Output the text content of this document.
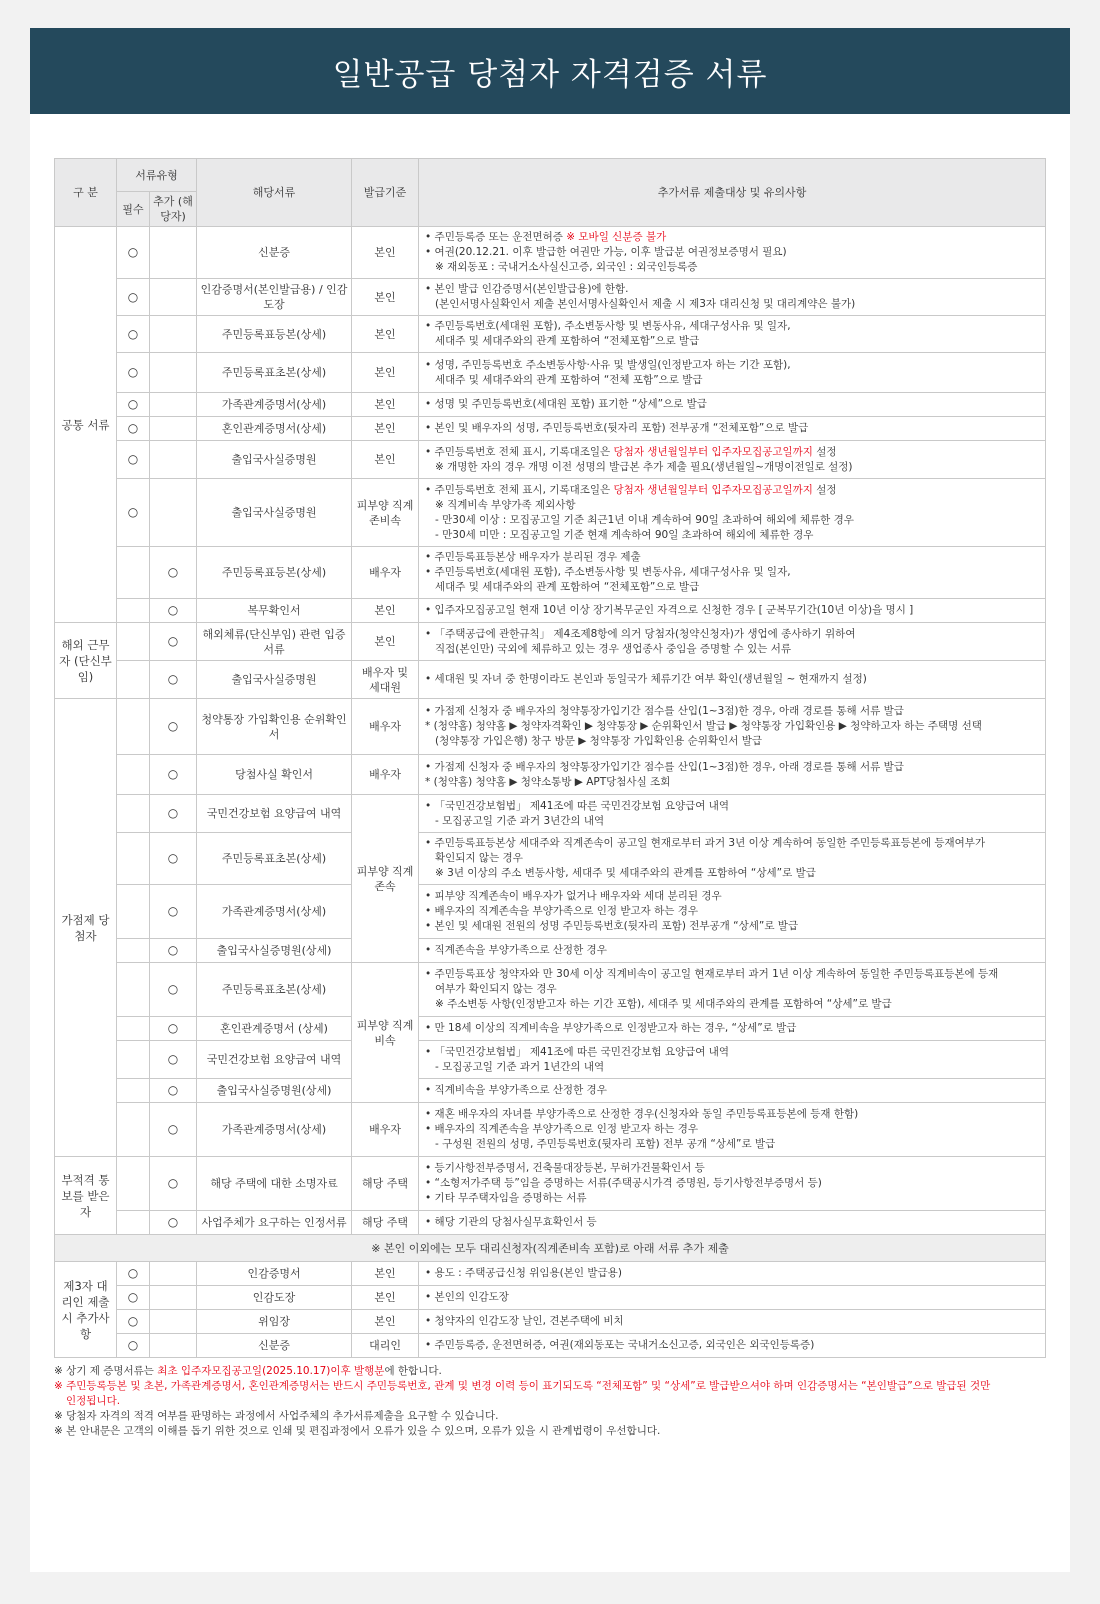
일반공급 당첨자 자격검증 서류
구 분	서류유형		해당서류	발급기준	추가서류 제출대상 및 유의사항
	필수	추가 (해당자)			
공통 서류	○		신분증	본인	• 주민등록증 또는 운전면허증 ※ 모바일 신분증 불가
• 여권(20.12.21. 이후 발급한 여권만 가능, 이후 발급분 여권정보증명서 필요)
※ 재외동포 : 국내거소사실신고증, 외국인 : 외국인등록증

	○		인감증명서(본인발급용) / 인감도장	본인	• 본인 발급 인감증명서(본인발급용)에 한함.
(본인서명사실확인서 제출 본인서명사실확인서 제출 시 제3자 대리신청 및 대리계약은 불가)

	○		주민등록표등본(상세)	본인	• 주민등록번호(세대원 포함), 주소변동사항 및 변동사유, 세대구성사유 및 일자,
세대주 및 세대주와의 관계 포함하여 “전체포함”으로 발급

	○		주민등록표초본(상세)	본인	• 성명, 주민등록번호 주소변동사항·사유 및 발생일(인정받고자 하는 기간 포함),
세대주 및 세대주와의 관계 포함하여 “전체 포함”으로 발급

	○		가족관계증명서(상세)	본인	• 성명 및 주민등록번호(세대원 포함) 표기한 “상세”으로 발급

	○		혼인관계증명서(상세)	본인	• 본인 및 배우자의 성명, 주민등록번호(뒷자리 포함) 전부공개 “전체포함”으로 발급

	○		출입국사실증명원	본인	• 주민등록번호 전체 표시, 기록대조일은 당첨자 생년월일부터 입주자모집공고일까지 설정
※ 개명한 자의 경우 개명 이전 성명의 발급본 추가 제출 필요(생년월일~개명이전일로 설정)

	○		출입국사실증명원	피부양 직계존비속	• 주민등록번호 전체 표시, 기록대조일은 당첨자 생년월일부터 입주자모집공고일까지 설정
※ 직계비속 부양가족 제외사항
- 만30세 이상 : 모집공고일 기준 최근1년 이내 계속하여 90일 초과하여 해외에 체류한 경우
- 만30세 미만 : 모집공고일 기준 현재 계속하여 90일 초과하여 해외에 체류한 경우

		○	주민등록표등본(상세)	배우자	• 주민등록표등본상 배우자가 분리된 경우 제출
• 주민등록번호(세대원 포함), 주소변동사항 및 변동사유, 세대구성사유 및 일자,
세대주 및 세대주와의 관계 포함하여 “전체포함”으로 발급

		○	복무확인서	본인	• 입주자모집공고일 현재 10년 이상 장기복무군인 자격으로 신청한 경우 [ 군복무기간(10년 이상)을 명시 ]

해외 근무자 (단신부임)		○	해외체류(단신부임) 관련 입증서류	본인	• 「주택공급에 관한규칙」 제4조제8항에 의거 당첨자(청약신청자)가 생업에 종사하기 위하여
직접(본인만) 국외에 체류하고 있는 경우 생업종사 중임을 증명할 수 있는 서류

		○	출입국사실증명원	배우자 및 세대원	• 세대원 및 자녀 중 한명이라도 본인과 동일국가 체류기간 여부 확인(생년월일 ~ 현재까지 설정)

가점제 당첨자		○	청약통장 가입확인용 순위확인서	배우자	• 가점제 신청자 중 배우자의 청약통장가입기간 점수를 산입(1~3점)한 경우, 아래 경로를 통해 서류 발급
* (청약홈) 청약홈 ▶ 청약자격확인 ▶ 청약통장 ▶ 순위확인서 발급 ▶ 청약통장 가입확인용 ▶ 청약하고자 하는 주택명 선택
(청약통장 가입은행) 창구 방문 ▶ 청약통장 가입확인용 순위확인서 발급

		○	당첨사실 확인서	배우자	• 가점제 신청자 중 배우자의 청약통장가입기간 점수를 산입(1~3점)한 경우, 아래 경로를 통해 서류 발급
* (청약홈) 청약홈 ▶ 청약소통방 ▶ APT당첨사실 조회

		○	국민건강보험 요양급여 내역	피부양 직계존속	• 「국민건강보험법」 제41조에 따른 국민건강보험 요양급여 내역
- 모집공고일 기준 과거 3년간의 내역

		○	주민등록표초본(상세)		• 주민등록표등본상 세대주와 직계존속이 공고일 현재로부터 과거 3년 이상 계속하여 동일한 주민등록표등본에 등재여부가
확인되지 않는 경우
※ 3년 이상의 주소 변동사항, 세대주 및 세대주와의 관계를 포함하여 “상세”로 발급

		○	가족관계증명서(상세)		• 피부양 직계존속이 배우자가 없거나 배우자와 세대 분리된 경우
• 배우자의 직계존속을 부양가족으로 인정 받고자 하는 경우
• 본인 및 세대원 전원의 성명 주민등록번호(뒷자리 포함) 전부공개 “상세”로 발급

		○	출입국사실증명원(상세)		• 직계존속을 부양가족으로 산정한 경우

		○	주민등록표초본(상세)	피부양 직계비속	• 주민등록표상 청약자와 만 30세 이상 직계비속이 공고일 현재로부터 과거 1년 이상 계속하여 동일한 주민등록표등본에 등재
여부가 확인되지 않는 경우
※ 주소변동 사항(인정받고자 하는 기간 포함), 세대주 및 세대주와의 관계를 포함하여 “상세”로 발급

		○	혼인관계증명서 (상세)		• 만 18세 이상의 직계비속을 부양가족으로 인정받고자 하는 경우, “상세”로 발급

		○	국민건강보험 요양급여 내역		• 「국민건강보험법」 제41조에 따른 국민건강보험 요양급여 내역
- 모집공고일 기준 과거 1년간의 내역

		○	출입국사실증명원(상세)		• 직계비속을 부양가족으로 산정한 경우

		○	가족관계증명서(상세)	배우자	• 재혼 배우자의 자녀를 부양가족으로 산정한 경우(신청자와 동일 주민등록표등본에 등재 한함)
• 배우자의 직계존속을 부양가족으로 인정 받고자 하는 경우
- 구성원 전원의 성명, 주민등록번호(뒷자리 포함) 전부 공개 “상세”로 발급

부적격 통보를 받은 자		○	해당 주택에 대한 소명자료	해당 주택	• 등기사항전부증명서, 건축물대장등본, 무허가건물확인서 등
• “소형저가주택 등”임을 증명하는 서류(주택공시가격 증명원, 등기사항전부증명서 등)
• 기타 무주택자임을 증명하는 서류

		○	사업주체가 요구하는 인정서류	해당 주택	• 해당 기관의 당첨사실무효확인서 등

※ 본인 이외에는 모두 대리신청자(직계존비속 포함)로 아래 서류 추가 제출					
제3자 대리인 제출시 추가사항	○		인감증명서	본인	• 용도 : 주택공급신청 위임용(본인 발급용)
	○		인감도장	본인	• 본인의 인감도장
	○		위임장	본인	• 청약자의 인감도장 날인, 견본주택에 비치
	○		신분증	대리인	• 주민등록증, 운전면허증, 여권(재외동포는 국내거소신고증, 외국인은 외국인등록증)
※ 상기 제 증명서류는 최초 입주자모집공고일(2025.10.17)이후 발행분에 한합니다.
※ 주민등록등본 및 초본, 가족관계증명서, 혼인관계증명서는 반드시 주민등록번호, 관계 및 변경 이력 등이 표기되도록 “전체포함” 및 “상세”로 발급받으셔야 하며 인감증명서는 “본인발급”으로 발급된 것만
인정됩니다.
※ 당첨자 자격의 적격 여부를 판명하는 과정에서 사업주체의 추가서류제출을 요구할 수 있습니다.
※ 본 안내문은 고객의 이해를 돕기 위한 것으로 인쇄 및 편집과정에서 오류가 있을 수 있으며, 오류가 있을 시 관계법령이 우선합니다.
